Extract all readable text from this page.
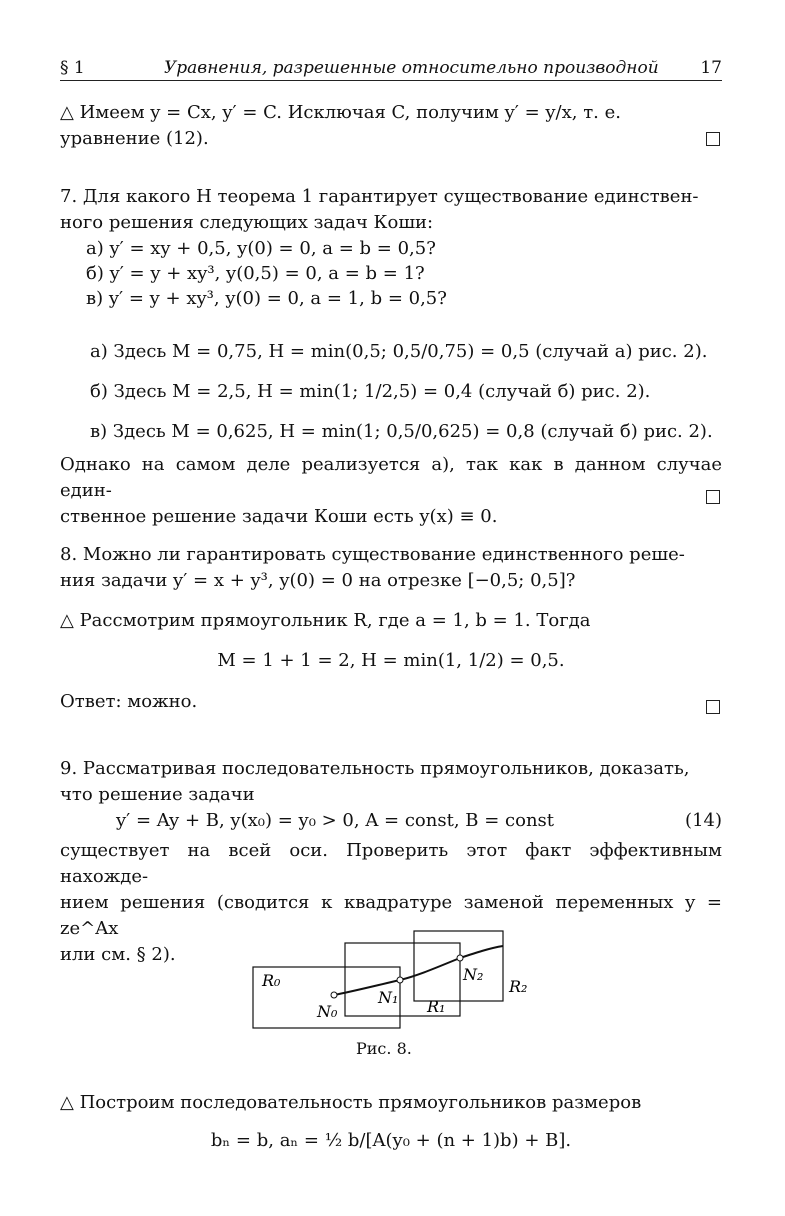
§ 1	Уравнения, разрешенные относительно производной 17

△ Имеем y = Cx, y′ = C. Исключая C, получим y′ = y/x, т. е.

уравнение (12).

7. Для какого H теорема 1 гарантирует существование единствен-

ного решения следующих задач Коши:

а) y′ = xy + 0,5, y(0) = 0, a = b = 0,5?
б) y′ = y + xy³, y(0,5) = 0, a = b = 1?
в) y′ = y + xy³, y(0) = 0, a = 1, b = 0,5?
а) Здесь M = 0,75, H = min(0,5; 0,5/0,75) = 0,5 (случай а) рис. 2).
б) Здесь M = 2,5, H = min(1; 1/2,5) = 0,4 (случай б) рис. 2).
в) Здесь M = 0,625, H = min(1; 0,5/0,625) = 0,8 (случай б) рис. 2).

Однако на самом деле реализуется а), так как в данном случае един-

ственное решение задачи Коши есть y(x) ≡ 0.

8. Можно ли гарантировать существование единственного реше-

ния задачи y′ = x + y³, y(0) = 0 на отрезке [−0,5; 0,5]?

△ Рассмотрим прямоугольник R, где a = 1, b = 1. Тогда

M = 1 + 1 = 2, H = min(1, 1/2) = 0,5.

Ответ: можно.

9. Рассматривая последовательность прямоугольников, доказать,

что решение задачи

y′ = Ay + B, y(x₀) = y₀ > 0, A = const, B = const	(14)

существует на всей оси. Проверить этот факт эффективным нахожде-

нием решения (сводится к квадратуре заменой переменных y = ze^Ax

или см. § 2).

△ Построим последовательность прямоугольников размеров

bₙ = b, aₙ = ½ b/[A(y₀ + (n + 1)b) + B].
R₀
R₁
R₂
N₀
N₁
N₂
Рис. 8.
